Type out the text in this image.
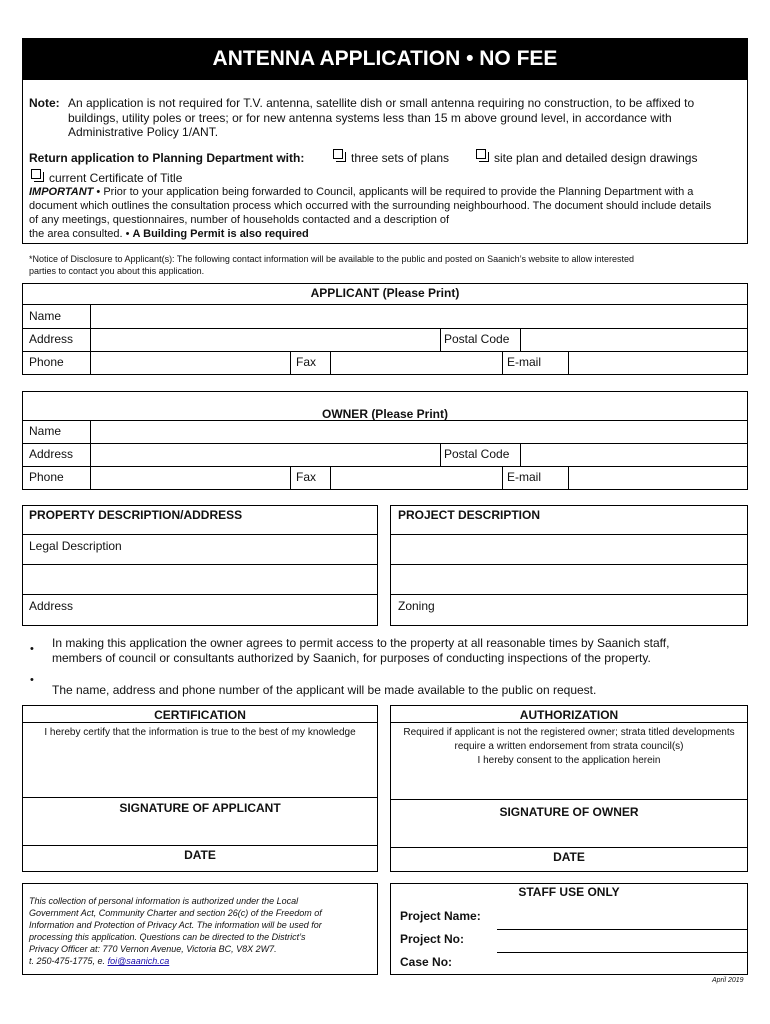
ANTENNA APPLICATION • NO FEE
Note: An application is not required for T.V. antenna, satellite dish or small antenna requiring no construction, to be affixed to
buildings, utility poles or trees; or for new antenna systems less than 15 m above ground level, in accordance with
Administrative Policy 1/ANT.
Return application to Planning Department with:	three sets of plans	site plan and detailed design drawings
current Certificate of Title
IMPORTANT • Prior to your application being forwarded to Council, applicants will be required to provide the Planning Department with a
document which outlines the consultation process which occurred with the surrounding neighbourhood. The document should include details
of any meetings, questionnaires, number of households contacted and a description of
the area consulted. • A Building Permit is also required
*Notice of Disclosure to Applicant(s): The following contact information will be available to the public and posted on Saanich’s website to allow interested
parties to contact you about this application.
APPLICANT (Please Print)
Name
Address	Postal Code
Phone	Fax	E-mail
OWNER (Please Print)
Name
Address	Postal Code
Phone	Fax	E-mail
PROPERTY DESCRIPTION/ADDRESS
Legal Description
Address
PROJECT DESCRIPTION
Zoning
• In making this application the owner agrees to permit access to the property at all reasonable times by Saanich staff,
members of council or consultants authorized by Saanich, for purposes of conducting inspections of the property.
•
The name, address and phone number of the applicant will be made available to the public on request.
CERTIFICATION
I hereby certify that the information is true to the best of my knowledge
SIGNATURE OF APPLICANT
DATE
AUTHORIZATION
Required if applicant is not the registered owner; strata titled developments
require a written endorsement from strata council(s)
I hereby consent to the application herein
SIGNATURE OF OWNER
DATE
This collection of personal information is authorized under the Local
Government Act, Community Charter and section 26(c) of the Freedom of
Information and Protection of Privacy Act. The information will be used for
processing this application. Questions can be directed to the District’s
Privacy Officer at: 770 Vernon Avenue, Victoria BC, V8X 2W7.
t. 250-475-1775, e. foi@saanich.ca
STAFF USE ONLY
Project Name:
Project No:
Case No:
April 2019
